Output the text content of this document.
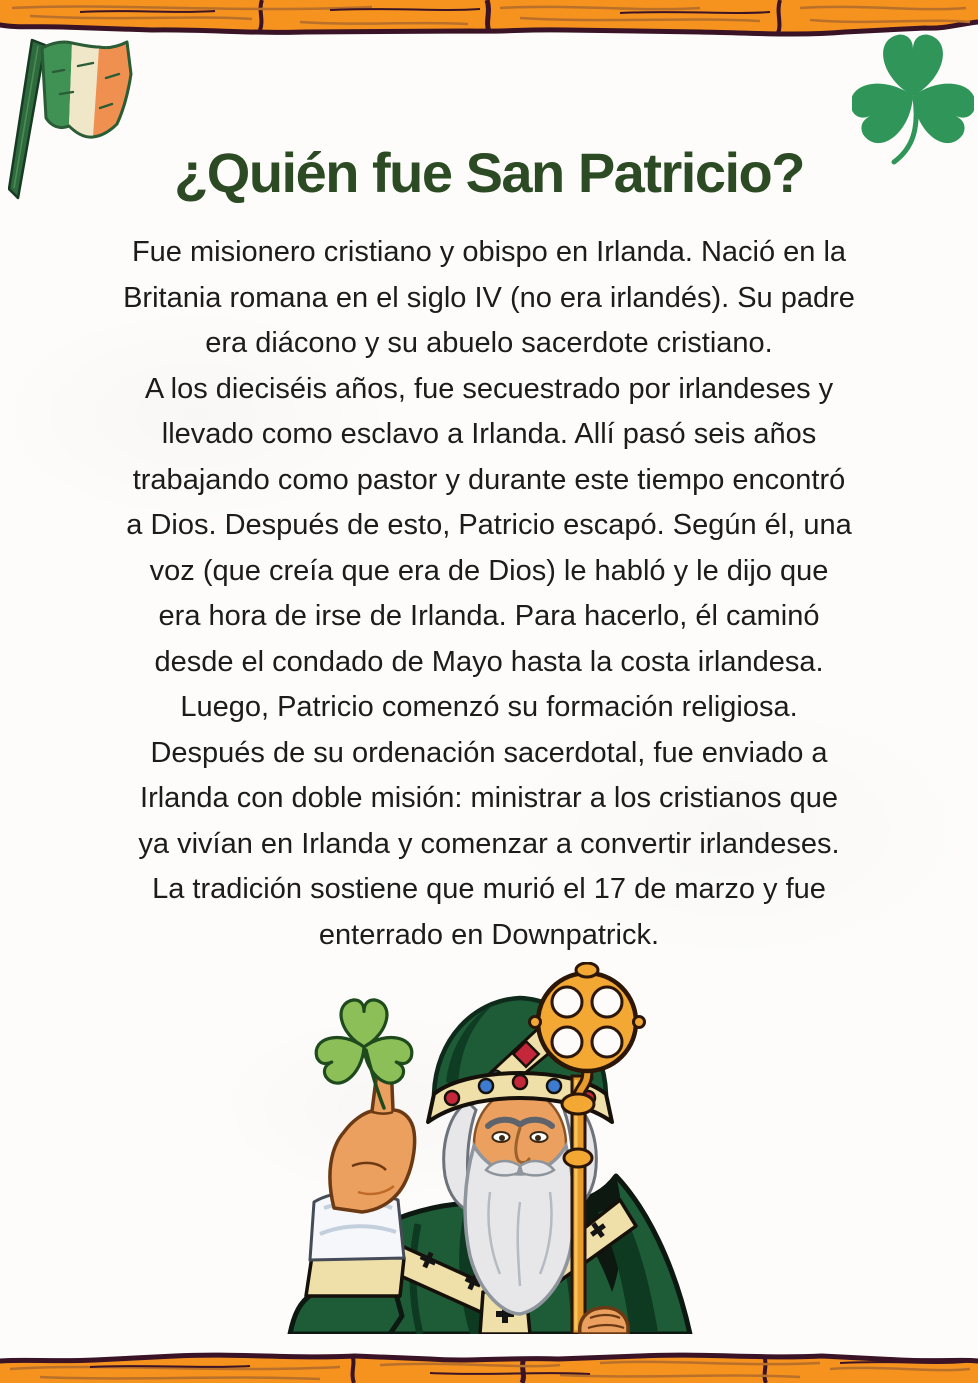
¿Quién fue San Patricio?
Fue misionero cristiano y obispo en Irlanda. Nació en la
Britania romana en el siglo IV (no era irlandés). Su padre
era diácono y su abuelo sacerdote cristiano.
A los dieciséis años, fue secuestrado por irlandeses y
llevado como esclavo a Irlanda. Allí pasó seis años
trabajando como pastor y durante este tiempo encontró
a Dios. Después de esto, Patricio escapó. Según él, una
voz (que creía que era de Dios) le habló y le dijo que
era hora de irse de Irlanda. Para hacerlo, él caminó
desde el condado de Mayo hasta la costa irlandesa.
Luego, Patricio comenzó su formación religiosa.
Después de su ordenación sacerdotal, fue enviado a
Irlanda con doble misión: ministrar a los cristianos que
ya vivían en Irlanda y comenzar a convertir irlandeses.
La tradición sostiene que murió el 17 de marzo y fue
enterrado en Downpatrick.
